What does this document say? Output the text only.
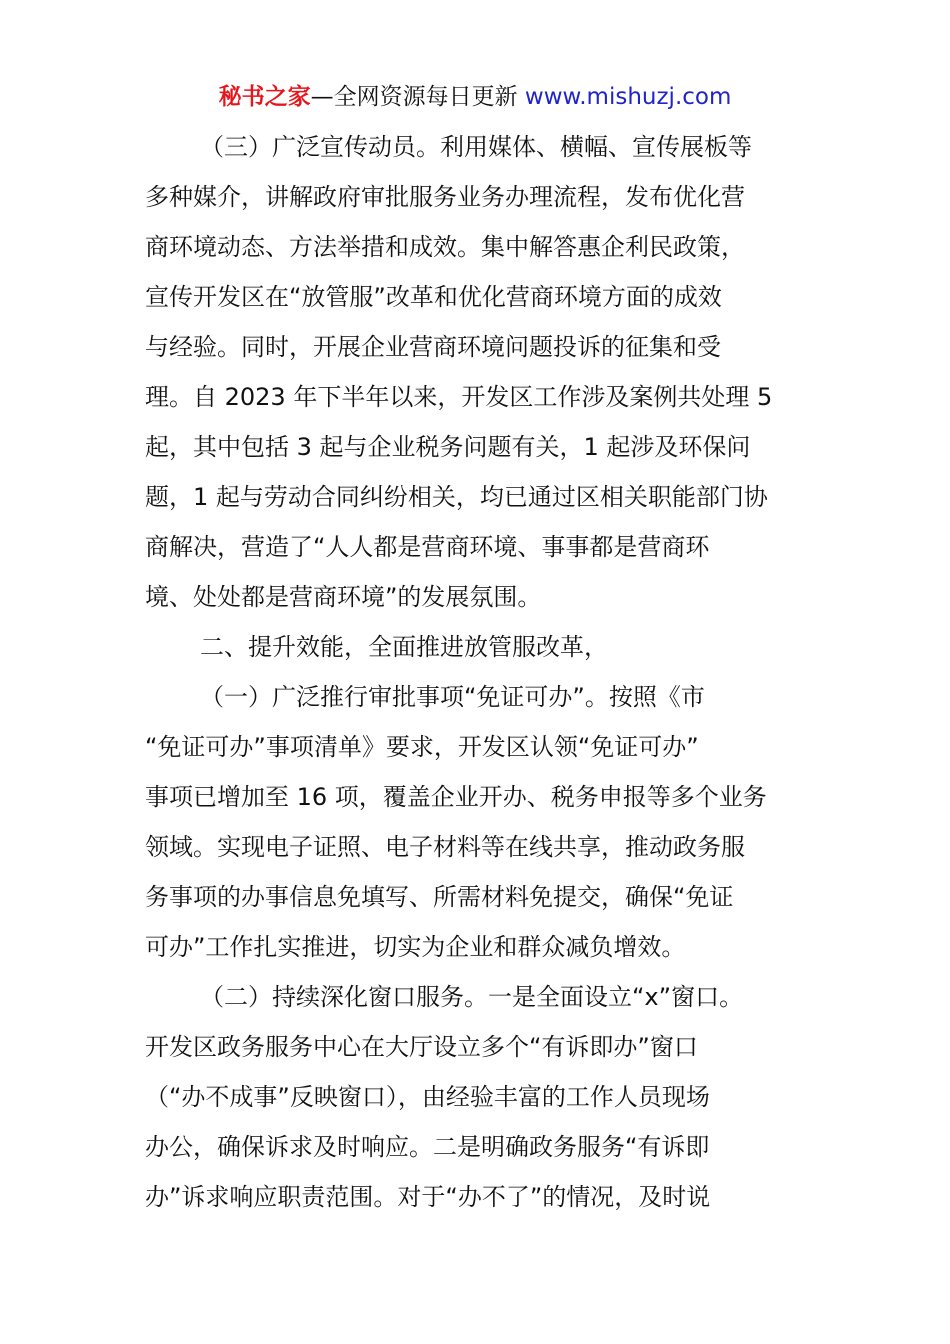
秘书之家—全网资源每日更新 www.mishuzj.com
（三）广泛宣传动员。利用媒体、横幅、宣传展板等
多种媒介，讲解政府审批服务业务办理流程，发布优化营
商环境动态、方法举措和成效。集中解答惠企利民政策，
宣传开发区在“放管服”改革和优化营商环境方面的成效
与经验。同时，开展企业营商环境问题投诉的征集和受
理。自 2023 年下半年以来，开发区工作涉及案例共处理 5
起，其中包括 3 起与企业税务问题有关，1 起涉及环保问
题，1 起与劳动合同纠纷相关，均已通过区相关职能部门协
商解决，营造了“人人都是营商环境、事事都是营商环
境、处处都是营商环境”的发展氛围。
二、提升效能，全面推进放管服改革，
（一）广泛推行审批事项“免证可办”。按照《市
“免证可办”事项清单》要求，开发区认领“免证可办”
事项已增加至 16 项，覆盖企业开办、税务申报等多个业务
领域。实现电子证照、电子材料等在线共享，推动政务服
务事项的办事信息免填写、所需材料免提交，确保“免证
可办”工作扎实推进，切实为企业和群众减负增效。
（二）持续深化窗口服务。一是全面设立“x”窗口。
开发区政务服务中心在大厅设立多个“有诉即办”窗口
（“办不成事”反映窗口），由经验丰富的工作人员现场
办公，确保诉求及时响应。二是明确政务服务“有诉即
办”诉求响应职责范围。对于“办不了”的情况，及时说
